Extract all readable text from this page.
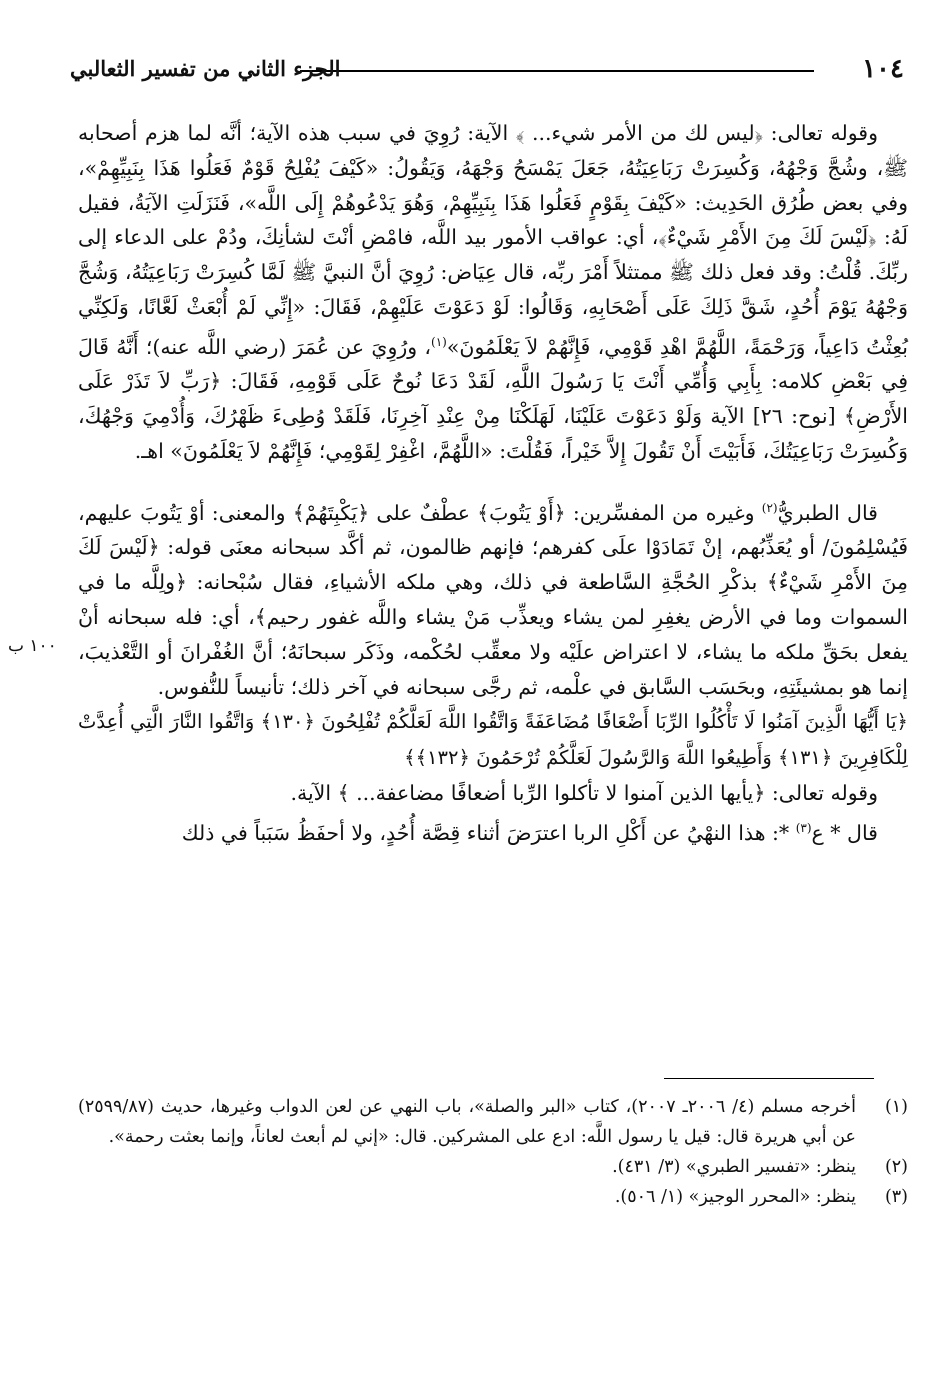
١٠٤
الجزء الثاني من تفسير الثعالبي
١٠٠ ب

وقوله تعالى: ﴿ليس لك من الأمر شيء... ﴾ الآية: رُوِيَ في سبب هذه الآية؛ أنَّه لما هزم أصحابه ﷺ، وشُجَّ وَجْهُهُ، وَكُسِرَتْ رَبَاعِيَتُهُ، جَعَلَ يَمْسَحُ وَجْهَهُ، وَيَقُولُ: «كَيْفَ يُفْلِحُ قَوْمٌ فَعَلُوا هَذَا بِنَبِيِّهِمْ»، وفي بعض طُرُق الحَدِيث: «كَيْفَ بِقَوْمٍ فَعَلُوا هَذَا بِنَبِيِّهِمْ، وَهُوَ يَدْعُوهُمْ إِلَى اللَّه»، فَنَزَلَتِ الآيَةُ، فقيل لَهُ: ﴿لَيْسَ لَكَ مِنَ الأَمْرِ شَيْءٌ﴾، أي: عواقب الأمور بيد اللَّه، فامْضِ أنْتَ لشأنِكَ، ودُمْ على الدعاء إلى ربِّكَ. قُلْتُ: وقد فعل ذلك ﷺ ممتثلاً أَمْرَ ربِّه، قال عِيَاض: رُوِيَ أنَّ النبيَّ ﷺ لَمَّا كُسِرَتْ رَبَاعِيَتُهُ، وَشُجَّ وَجْهُهُ يَوْمَ أُحُدٍ، شَقَّ ذَلِكَ عَلَى أَصْحَابِهِ، وَقَالُوا: لَوْ دَعَوْتَ عَلَيْهِمْ، فَقَالَ: «إِنِّي لَمْ أُبْعَثْ لَعَّانًا، وَلَكِنِّي بُعِثْتُ دَاعِياً، وَرَحْمَةً، اللَّهُمَّ اهْدِ قَوْمِي، فَإِنَّهُمْ لاَ يَعْلَمُونَ»$^{(١)}$، ورُوِيَ عن عُمَرَ (رضي اللَّه عنه)؛ أَنَّهُ قَالَ فِي بَعْضِ كلامه: بِأَبِي وَأُمِّي أَنْتَ يَا رَسُولَ اللَّهِ، لَقَدْ دَعَا نُوحٌ عَلَى قَوْمِهِ، فَقَالَ: ﴿رَبِّ لاَ تَذَرْ عَلَى الأَرْضِ﴾ [نوح: ٢٦] الآية وَلَوْ دَعَوْتَ عَلَيْنَا، لَهَلَكْنَا مِنْ عِنْدِ آخِرِنَا، فَلَقَدْ وُطِىءَ ظَهْرُكَ، وَأُدْمِيَ وَجْهُكَ، وَكُسِرَتْ رَبَاعِيَتُكَ، فَأَبَيْتَ أَنْ تَقُولَ إِلاَّ خَيْراً، فَقُلْتَ: «اللَّهُمَّ، اغْفِرْ لِقَوْمِي؛ فَإِنَّهُمْ لاَ يَعْلَمُونَ» اهـ.

قال الطبريُّ$^{(٢)}$ وغيره من المفسِّرين: ﴿أَوْ يَتُوبَ﴾ عطْفٌ على ﴿يَكْبِتَهُمْ﴾ والمعنى: أوْ يَتُوبَ عليهم، فَيُسْلِمُونَ/ أو يُعَذِّبُهم، إنْ تَمَادَوْا علَى كفرهم؛ فإنهم ظالمون، ثم أكَّد سبحانه معنَى قوله: ﴿لَيْسَ لَكَ مِنَ الأَمْرِ شَيْءٌ﴾ بذكْرِ الحُجَّةِ السَّاطعة في ذلك، وهي ملكه الأشياءِ، فقال سُبْحانه: ﴿ولِلَّه ما في السموات وما في الأرض يغفِرِ لمن يشاء ويعذِّب مَنْ يشاء واللَّه غفور رحيم﴾، أي: فله سبحانه أنْ يفعل بحَقِّ ملكه ما يشاء، لا اعتراض علَيْه ولا معقِّب لحُكْمه، وذَكَر سبحانَهُ؛ أنَّ الغُفْرانَ أو التَّعْذيبَ، إنما هو بمشيئَتِهِ، وبحَسَب السَّابق في علْمه، ثم رجَّى سبحانه في آخر ذلك؛ تأنيساً للنُّفوس.

﴿يَا أَيُّهَا الَّذِينَ آمَنُوا لَا تَأْكُلُوا الرِّبَا أَضْعَافًا مُضَاعَفَةً وَاتَّقُوا اللَّهَ لَعَلَّكُمْ تُفْلِحُونَ ﴿١٣٠﴾ وَاتَّقُوا النَّارَ الَّتِي أُعِدَّتْ لِلْكَافِرِينَ ﴿١٣١﴾ وَأَطِيعُوا اللَّهَ وَالرَّسُولَ لَعَلَّكُمْ تُرْحَمُونَ ﴿١٣٢﴾﴾

وقوله تعالى: ﴿يأيها الذين آمنوا لا تأكلوا الرِّبا أضعافًا مضاعفة... ﴾ الآية.

قال * ع$^{(٣)}$ *: هذا النهْيُ عن أَكْلِ الربا اعترَضَ أثناء قِصَّة أُحُدٍ، ولا أحفَظُ سَبَباً في ذلك

(١)
أخرجه مسلم (٤/ ٢٠٠٦ـ ٢٠٠٧)، كتاب «البر والصلة»، باب النهي عن لعن الدواب وغيرها، حديث (٢٥٩٩/٨٧) عن أبي هريرة قال: قيل يا رسول اللَّه: ادع على المشركين. قال: «إني لم أبعث لعاناً، وإنما بعثت رحمة».
(٢)
ينظر: «تفسير الطبري» (٣/ ٤٣١).
(٣)
ينظر: «المحرر الوجيز» (١/ ٥٠٦).
